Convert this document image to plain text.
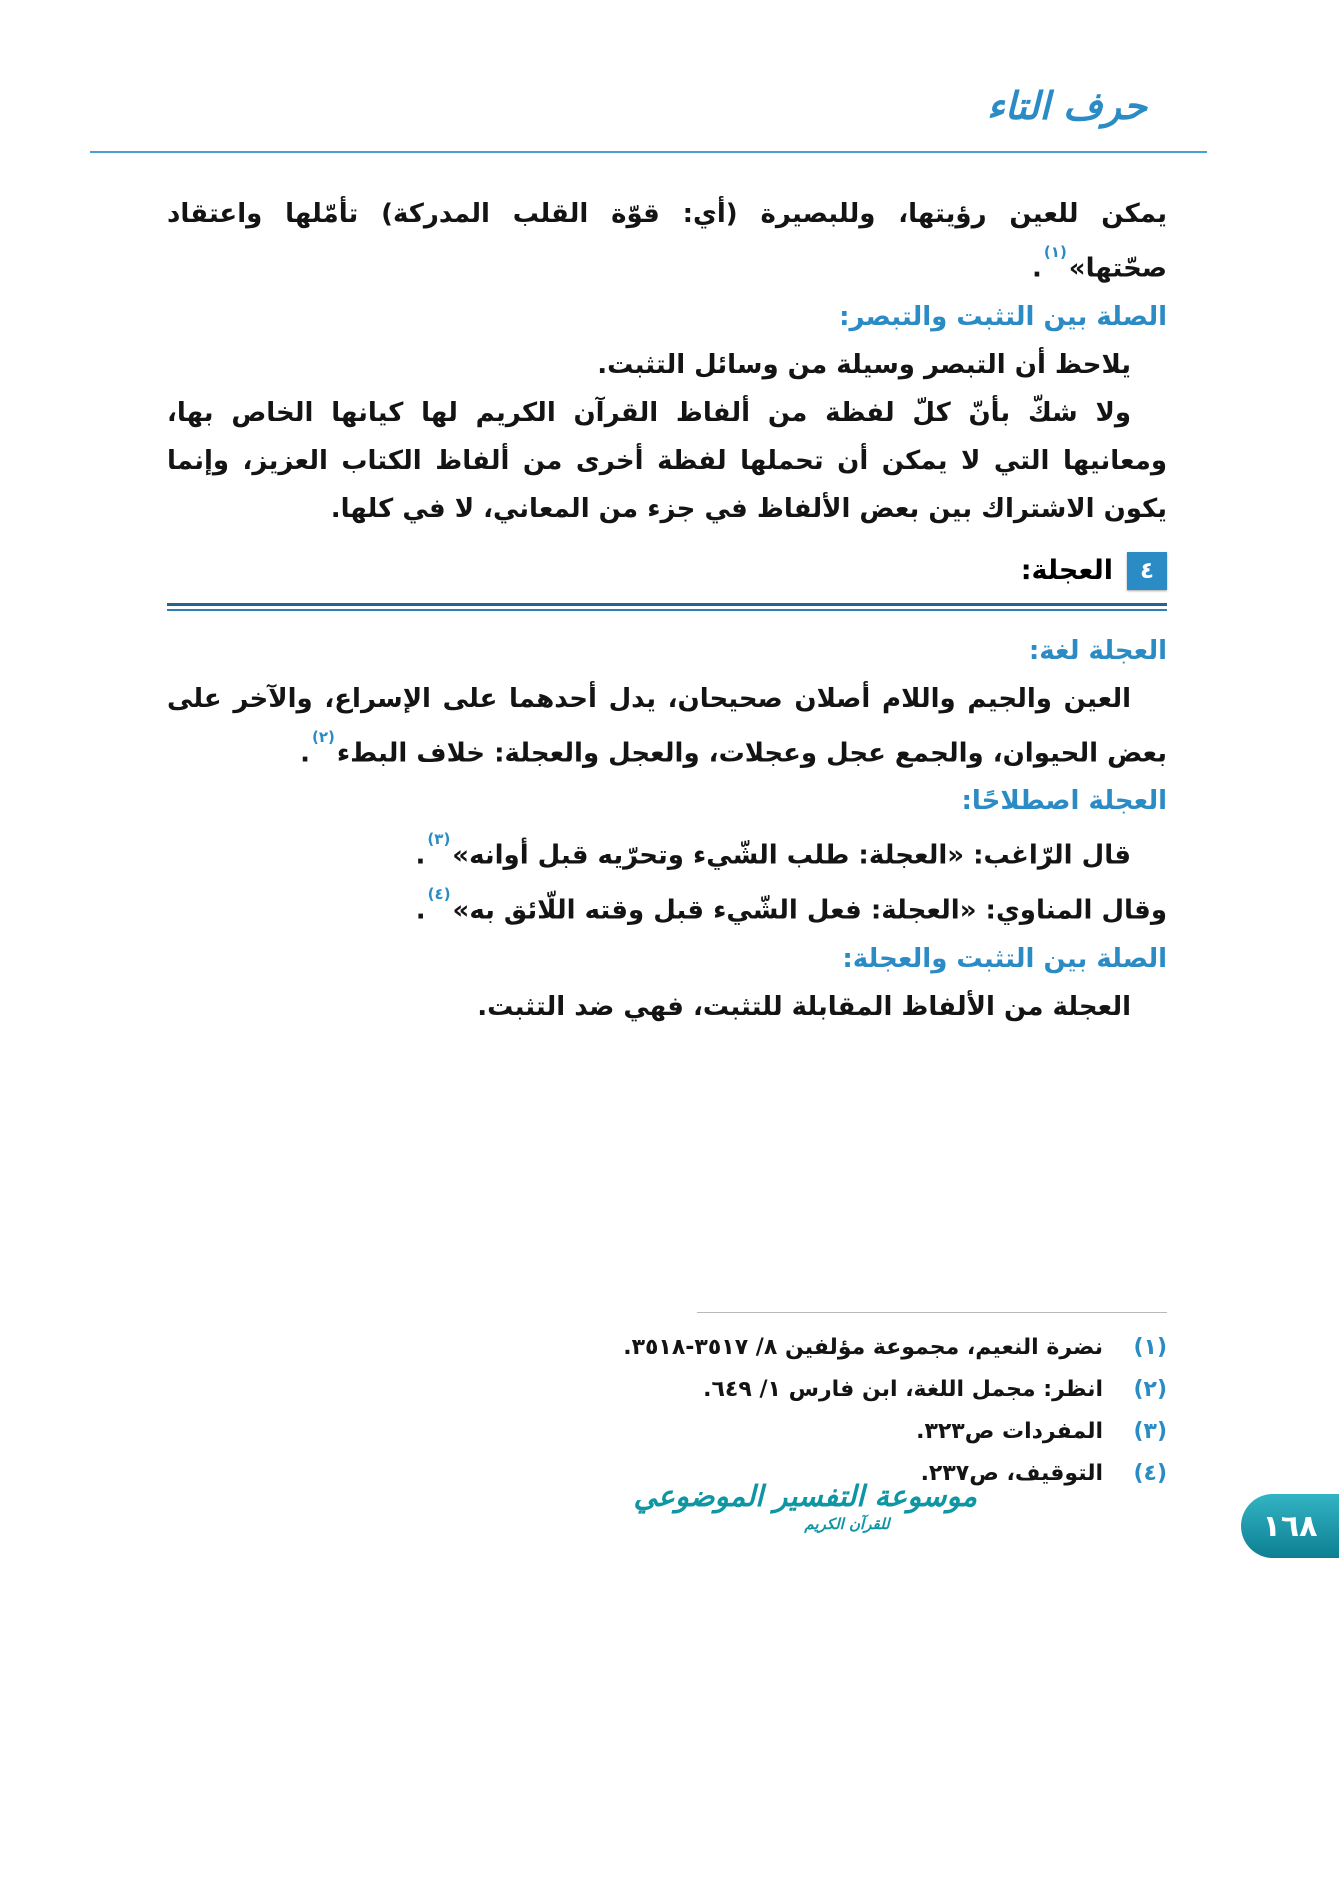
حرف التاء

يمكن للعين رؤيتها، وللبصيرة (أي: قوّة القلب المدركة) تأمّلها واعتقاد صحّتها»$^{(١)}$.

الصلة بين التثبت والتبصر:

يلاحظ أن التبصر وسيلة من وسائل التثبت.

ولا شكّ بأنّ كلّ لفظة من ألفاظ القرآن الكريم لها كيانها الخاص بها، ومعانيها التي لا يمكن أن تحملها لفظة أخرى من ألفاظ الكتاب العزيز، وإنما يكون الاشتراك بين بعض الألفاظ في جزء من المعاني، لا في كلها.

٤
العجلة:

العجلة لغة:

العين والجيم واللام أصلان صحيحان، يدل أحدهما على الإسراع، والآخر على بعض الحيوان، والجمع عجل وعجلات، والعجل والعجلة: خلاف البطء$^{(٢)}$.

العجلة اصطلاحًا:

قال الرّاغب: «العجلة: طلب الشّيء وتحرّيه قبل أوانه»$^{(٣)}$.

وقال المناوي: «العجلة: فعل الشّيء قبل وقته اللّائق به»$^{(٤)}$.

الصلة بين التثبت والعجلة:

العجلة من الألفاظ المقابلة للتثبت، فهي ضد التثبت.

(١)
نضرة النعيم، مجموعة مؤلفين ٨/ ٣٥١٧-٣٥١٨.
(٢)
انظر: مجمل اللغة، ابن فارس ١/ ٦٤٩.
(٣)
المفردات ص٣٢٣.
(٤)
التوقيف، ص٢٣٧.
موسوعة التفسير الموضوعي
للقرآن الكريم	١٦٨
